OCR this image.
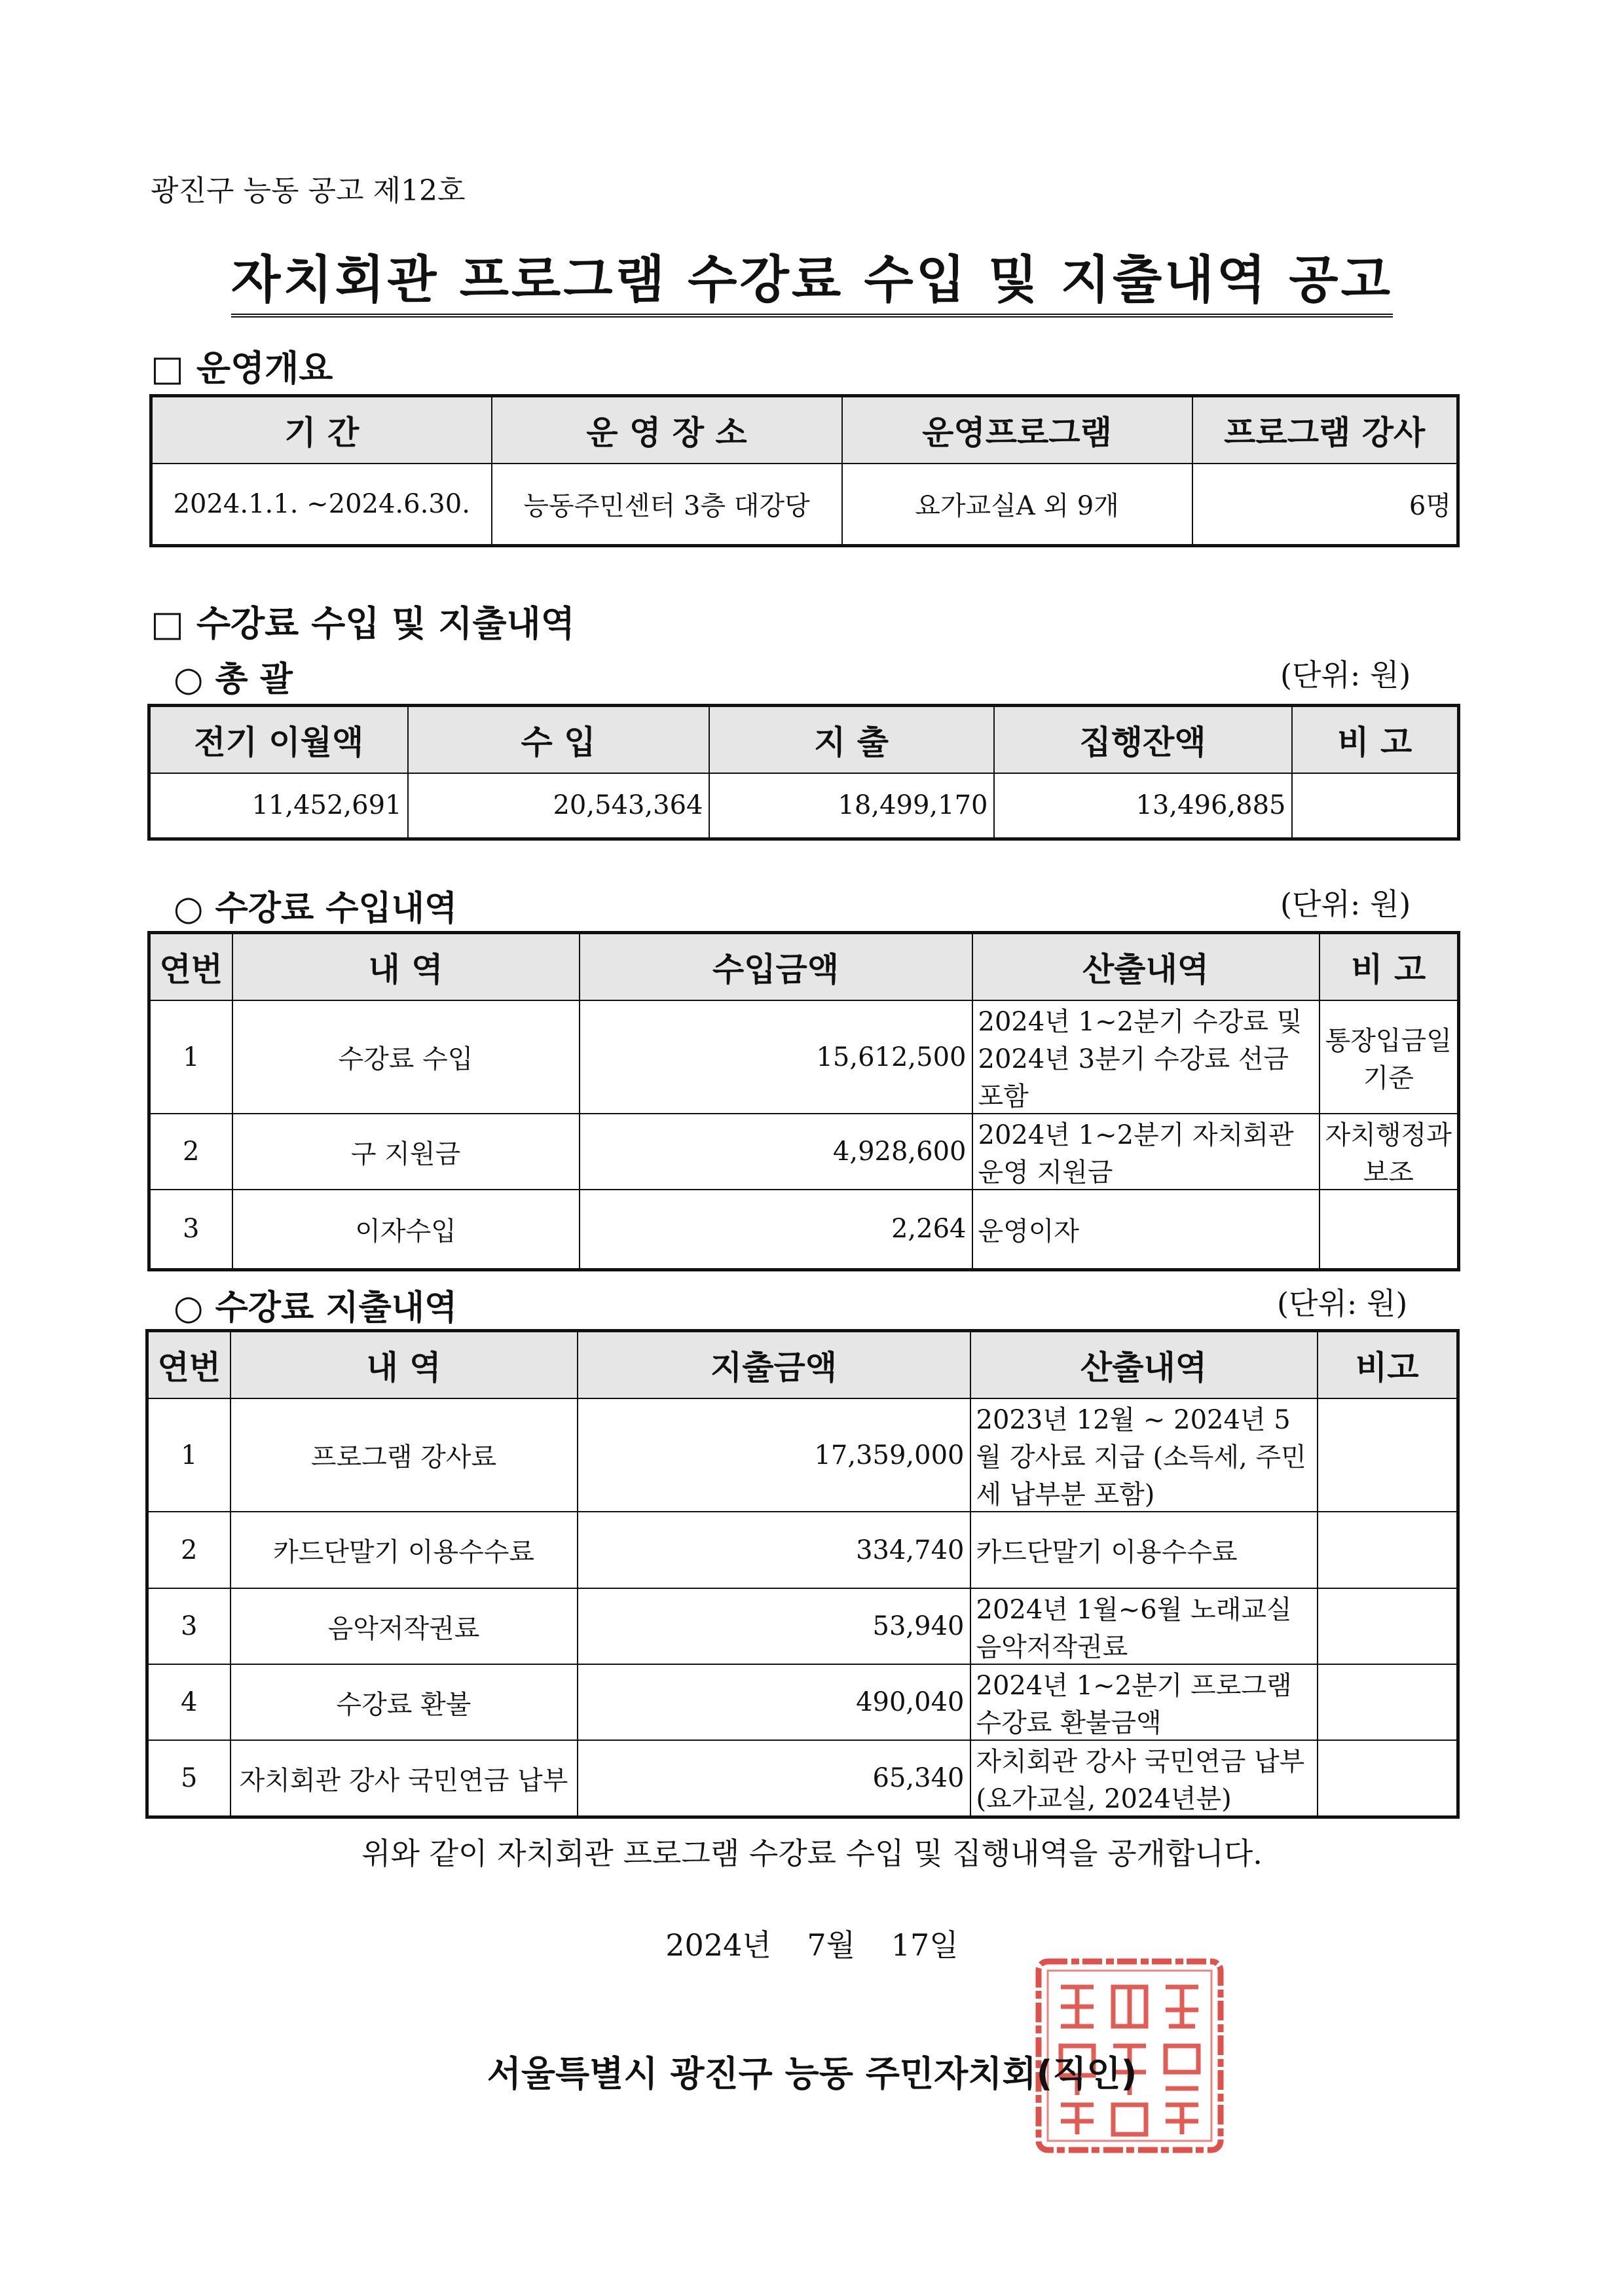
광진구 능동 공고 제12호
자치회관 프로그램 수강료 수입 및 지출내역 공고
□ 운영개요
기 간	운 영 장 소	운영프로그램	프로그램 강사
2024.1.1. ~2024.6.30.	능동주민센터 3층 대강당	요가교실A 외 9개	6명
□ 수강료 수입 및 지출내역
○ 총 괄	(단위: 원)
전기 이월액	수 입	지 출	집행잔액	비 고
11,452,691	20,543,364	18,499,170	13,496,885	
○ 수강료 수입내역	(단위: 원)
연번	내 역	수입금액	산출내역	비 고
1	수강료 수입	15,612,500	2024년 1~2분기 수강료 및 2024년 3분기 수강료 선금 포함	통장입금일 기준
2	구 지원금	4,928,600	2024년 1~2분기 자치회관 운영 지원금	자치행정과 보조
3	이자수입	2,264	운영이자	
○ 수강료 지출내역	(단위: 원)
연번	내 역	지출금액	산출내역	비고
1	프로그램 강사료	17,359,000	2023년 12월 ~ 2024년 5월 강사료 지급 (소득세, 주민세 납부분 포함)	
2	카드단말기 이용수수료	334,740	카드단말기 이용수수료	
3	음악저작권료	53,940	2024년 1월~6월 노래교실 음악저작권료	
4	수강료 환불	490,040	2024년 1~2분기 프로그램 수강료 환불금액	
5	자치회관 강사 국민연금 납부	65,340	자치회관 강사 국민연금 납부 (요가교실, 2024년분)	
위와 같이 자치회관 프로그램 수강료 수입 및 집행내역을 공개합니다.
2024년 7월 17일
서울특별시 광진구 능동 주민자치회(직인)
